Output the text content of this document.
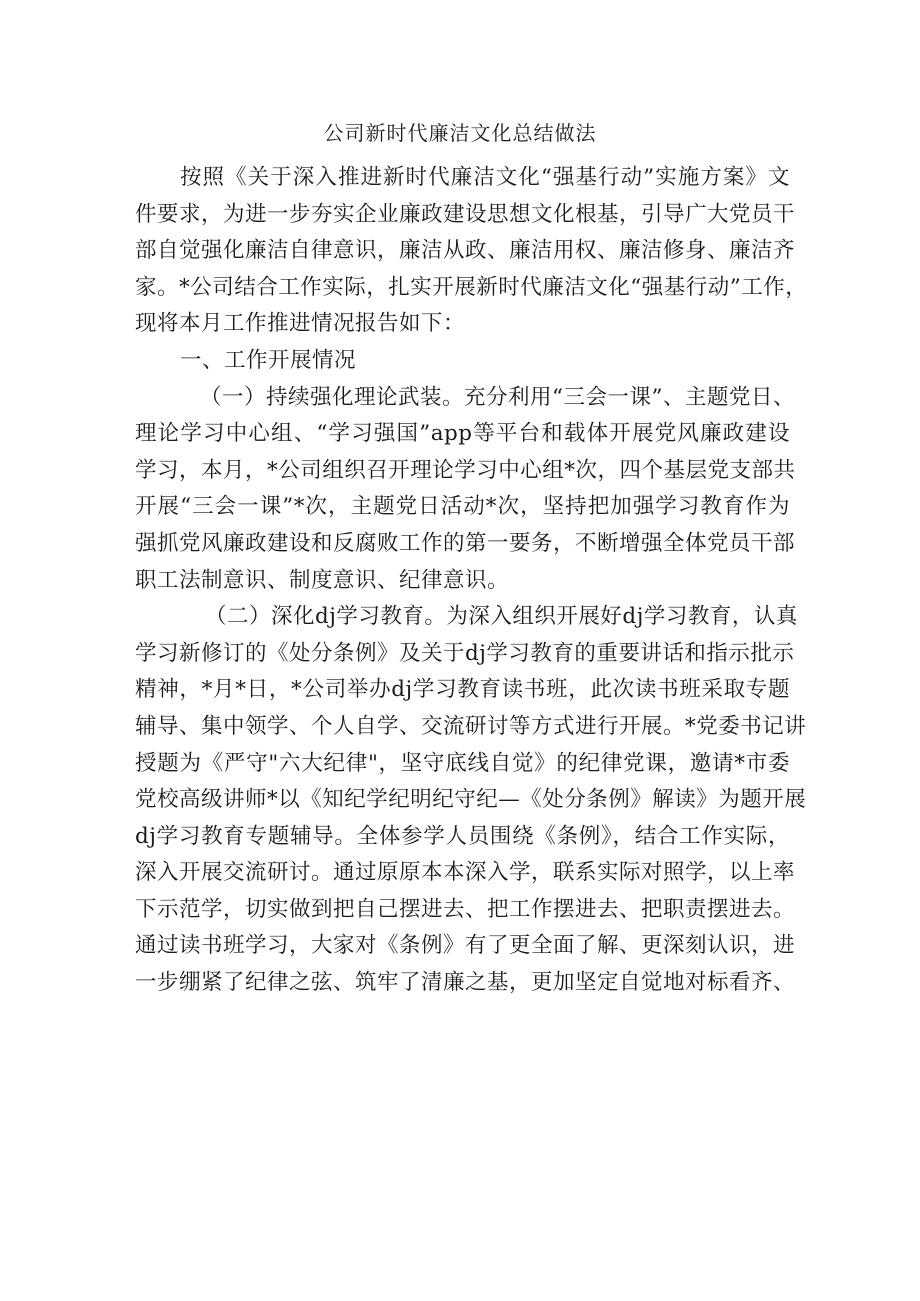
公司新时代廉洁文化总结做法
按照《关于深入推进新时代廉洁文化“强基行动”实施方案》文
件要求，为进一步夯实企业廉政建设思想文化根基，引导广大党员干
部自觉强化廉洁自律意识，廉洁从政、廉洁用权、廉洁修身、廉洁齐
家。*公司结合工作实际，扎实开展新时代廉洁文化“强基行动”工作，
现将本月工作推进情况报告如下：
一、工作开展情况
（一）持续强化理论武装。充分利用“三会一课”、主题党日、
理论学习中心组、“学习强国”app等平台和载体开展党风廉政建设
学习，本月，*公司组织召开理论学习中心组*次，四个基层党支部共
开展“三会一课”*次，主题党日活动*次，坚持把加强学习教育作为
强抓党风廉政建设和反腐败工作的第一要务，不断增强全体党员干部
职工法制意识、制度意识、纪律意识。
（二）深化dj学习教育。为深入组织开展好dj学习教育，认真
学习新修订的《处分条例》及关于dj学习教育的重要讲话和指示批示
精神，*月*日，*公司举办dj学习教育读书班，此次读书班采取专题
辅导、集中领学、个人自学、交流研讨等方式进行开展。*党委书记讲
授题为《严守"六大纪律"，坚守底线自觉》的纪律党课，邀请*市委
党校高级讲师*以《知纪学纪明纪守纪—《处分条例》解读》为题开展
dj学习教育专题辅导。全体参学人员围绕《条例》，结合工作实际，
深入开展交流研讨。通过原原本本深入学，联系实际对照学，以上率
下示范学，切实做到把自己摆进去、把工作摆进去、把职责摆进去。
通过读书班学习，大家对《条例》有了更全面了解、更深刻认识，进
一步绷紧了纪律之弦、筑牢了清廉之基，更加坚定自觉地对标看齐、
